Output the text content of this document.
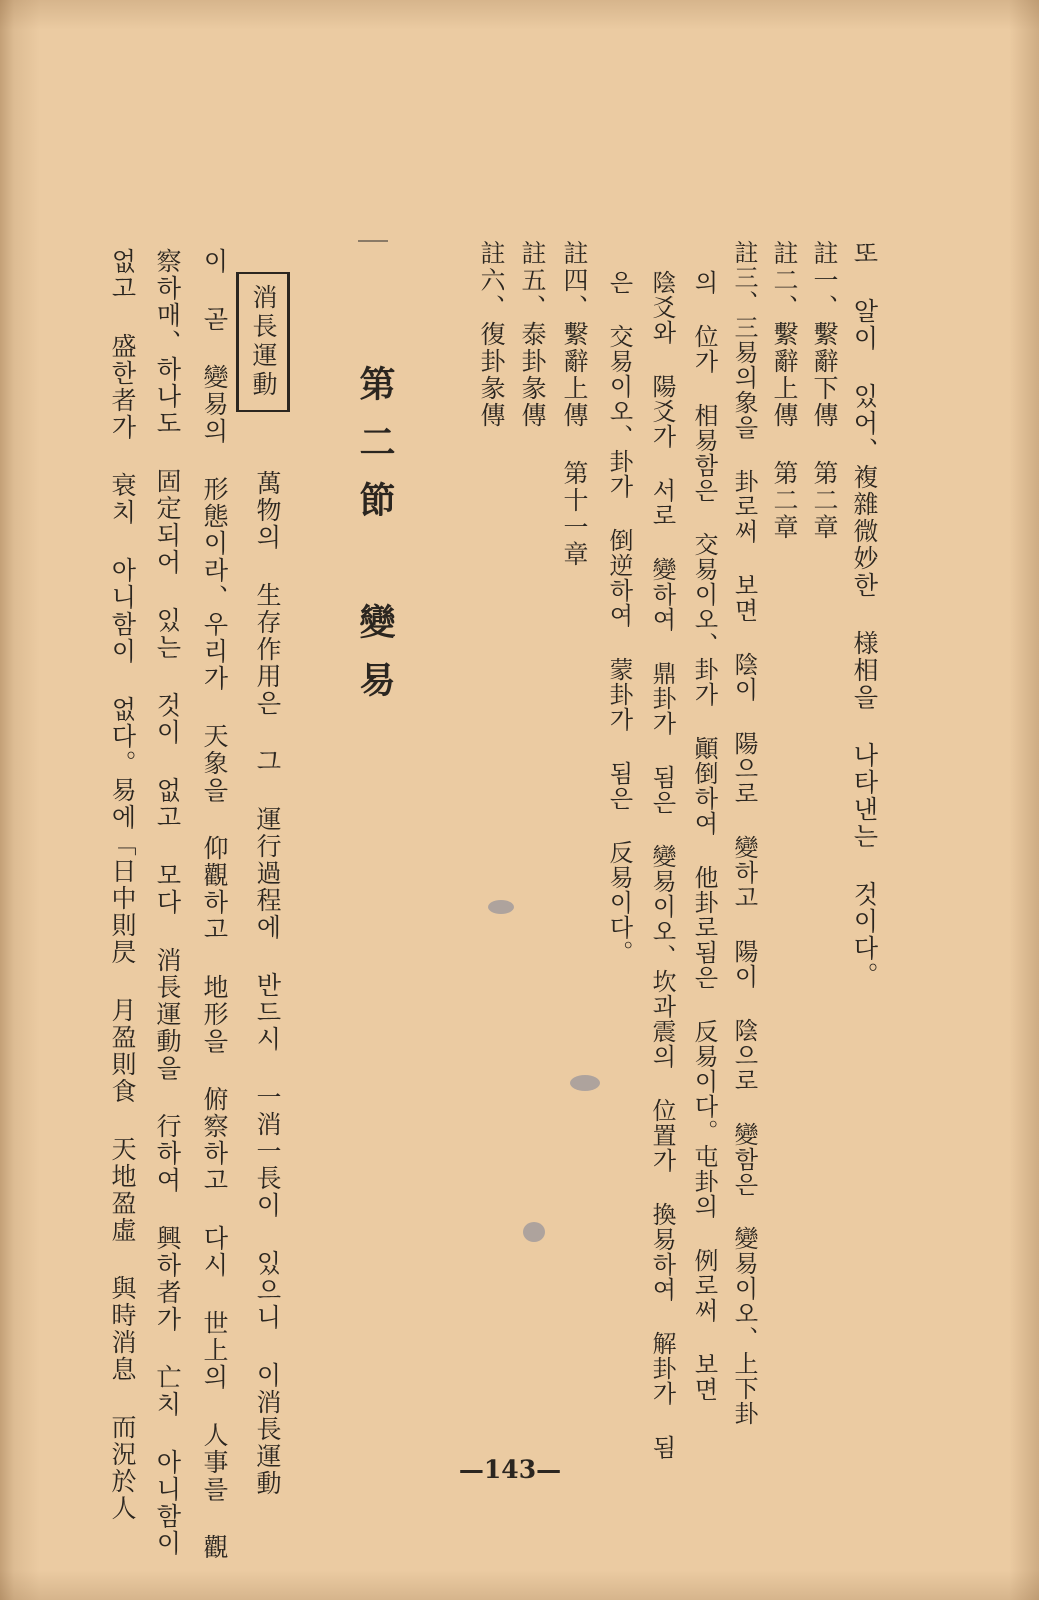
또 알이 있어、複雜微妙한 様相을 나타낸는 것이다。
註一、繫辭下傳 第二章
註二、繫辭上傳 第二章
註三、三易의象을 卦로써 보면 陰이 陽으로 變하고 陽이 陰으로 變함은 變易이오、上下卦
의 位가 相易함은 交易이오、卦가 顚倒하여 他卦로됨은 反易이다。屯卦의 例로써 보면
陰爻와 陽爻가 서로 變하여 鼎卦가 됨은 變易이오、坎과震의 位置가 換易하여 解卦가 됨
은 交易이오、卦가 倒逆하여 蒙卦가 됨은 反易이다。
註四、繫辭上傳 第十一章
註五、泰卦彖傳
註六、復卦彖傳
第二節 變易
消長運動
萬物의 生存作用은 그 運行過程에 반드시 一消一長이 있으니 이消長運動
이 곧 變易의 形態이라、우리가 天象을 仰觀하고 地形을 俯察하고 다시 世上의 人事를 觀
察하매、하나도 固定되어 있는 것이 없고 모다 消長運動을 行하여 興하者가 亡치 아니함이
없고 盛한者가 衰치 아니함이 없다。易에「日中則昃 月盈則食 天地盈虛 與時消息 而況於人	—143—
